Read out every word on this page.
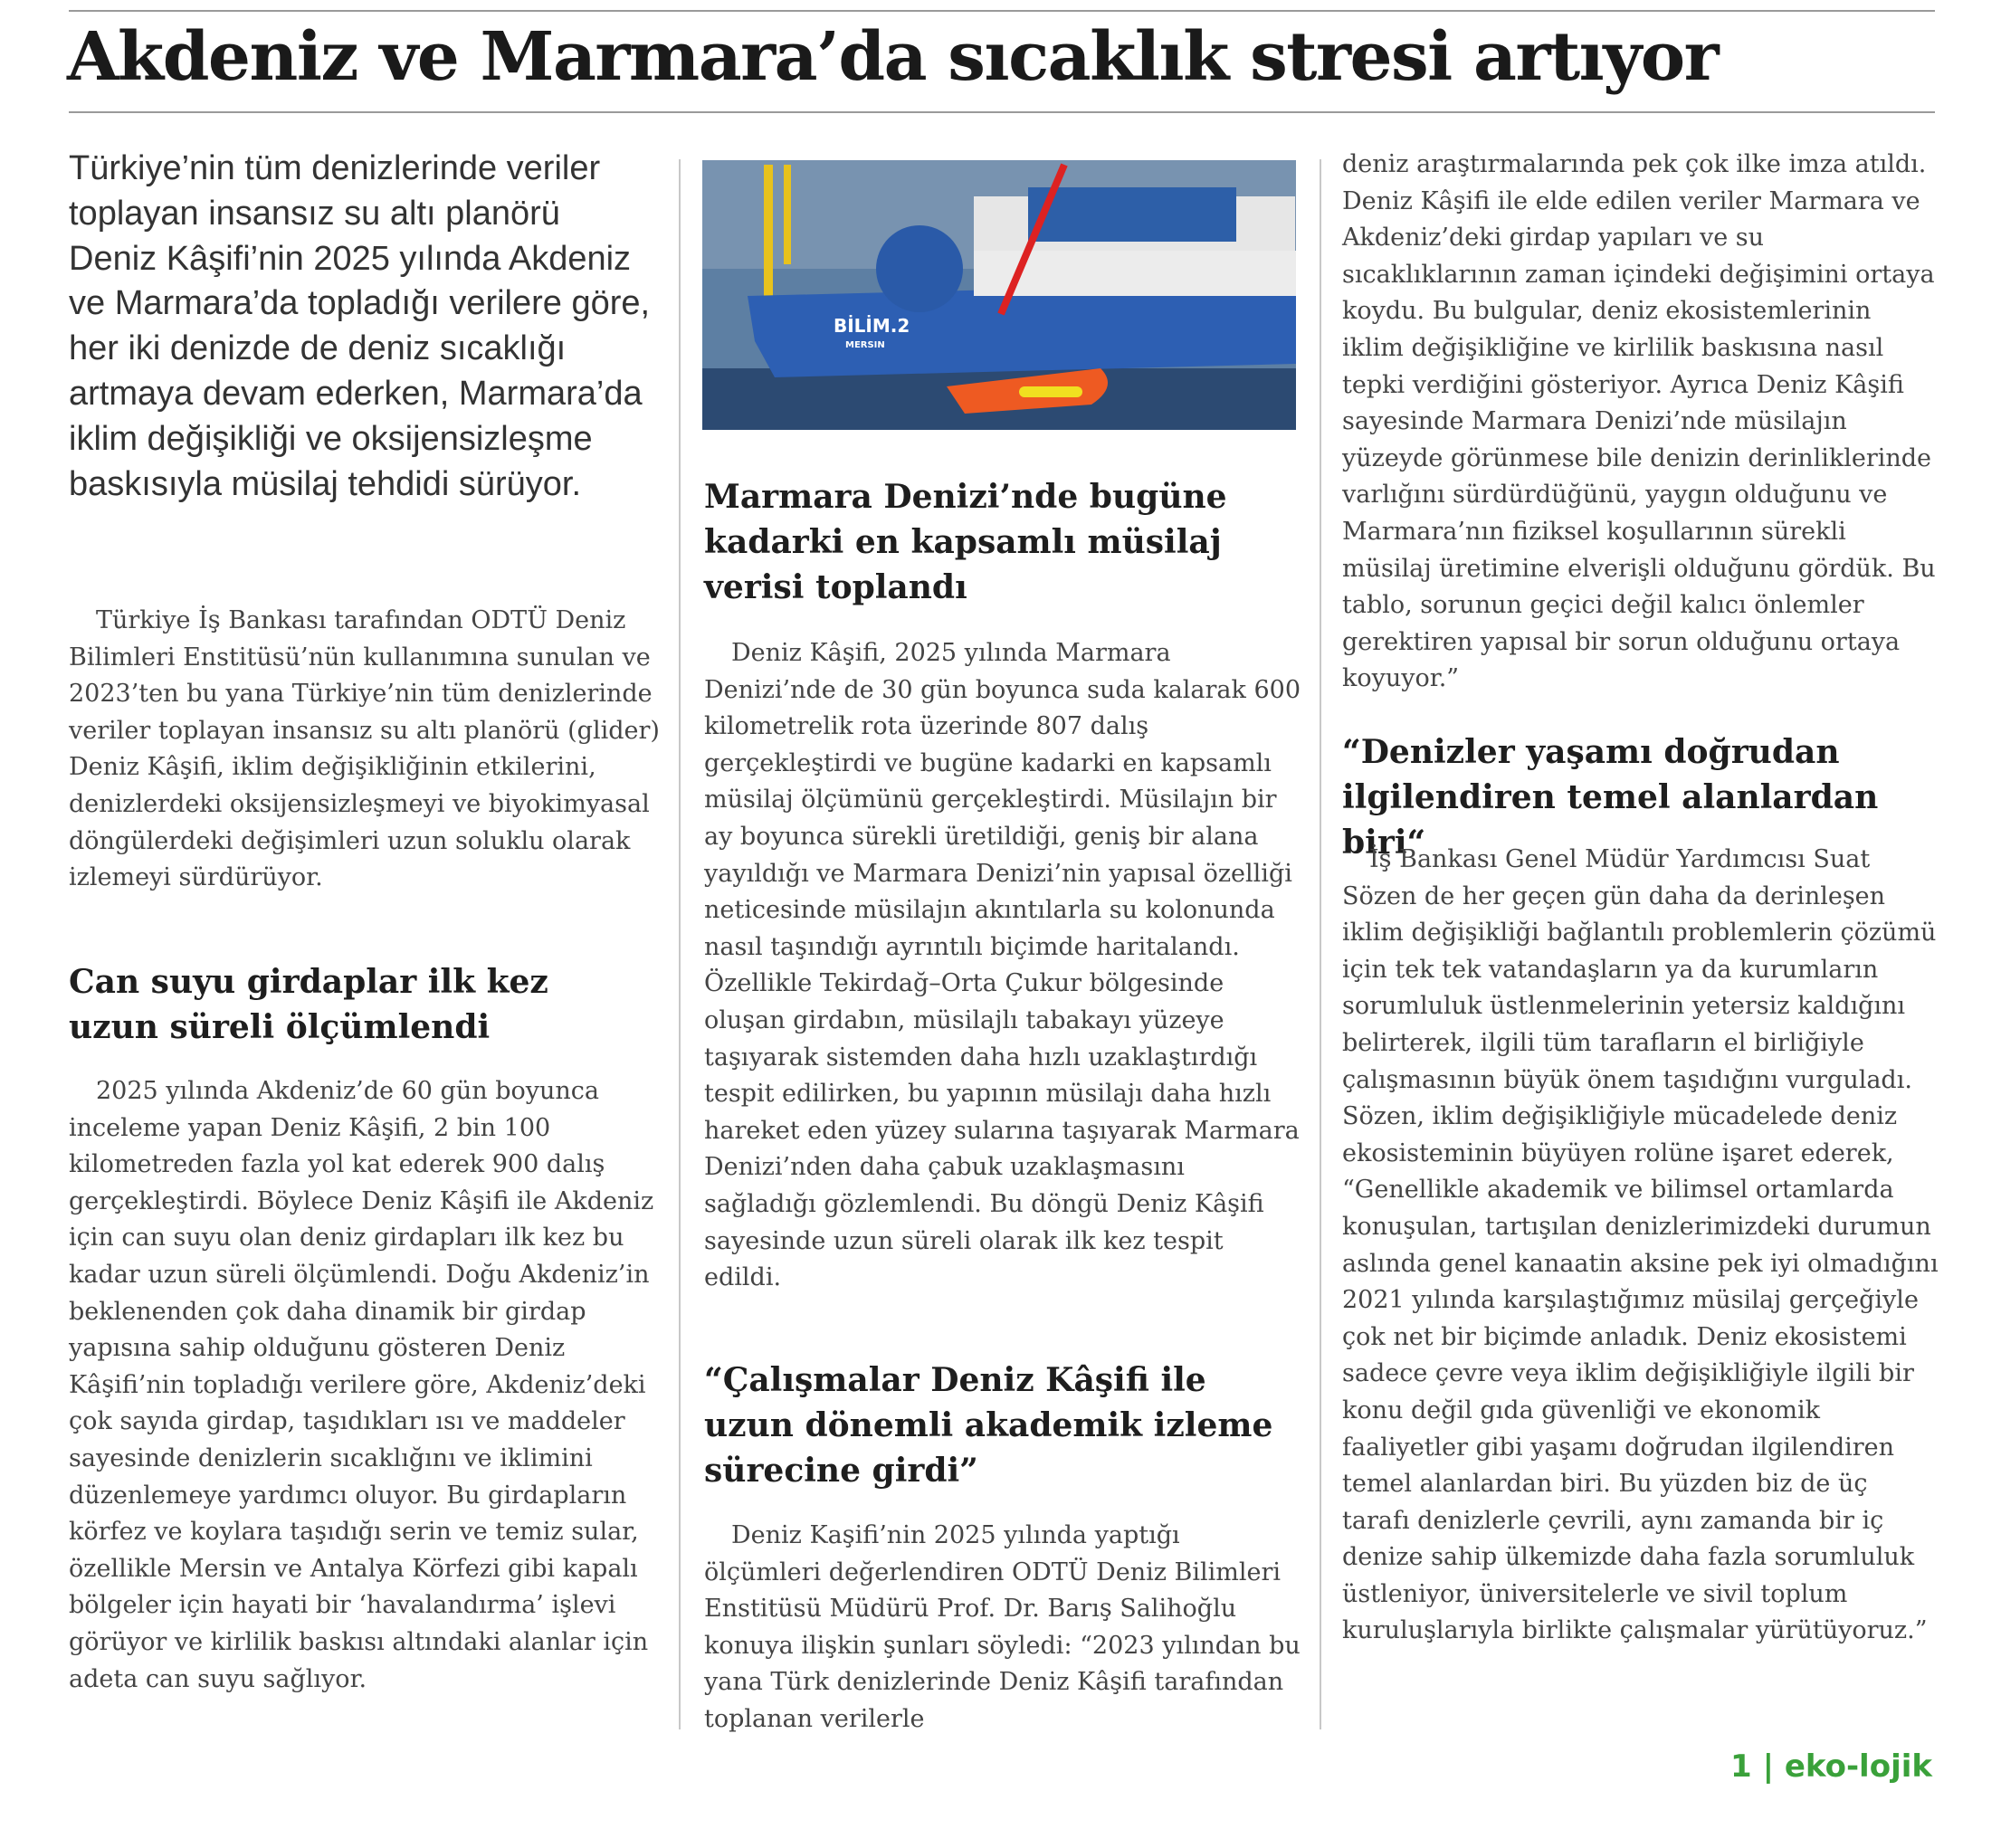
Akdeniz ve Marmara’da sıcaklık stresi artıyor

Türkiye’nin tüm denizlerinde veriler toplayan insansız su altı planörü Deniz Kâşifi’nin 2025 yılında Akdeniz ve Marmara’da topladığı verilere göre, her iki denizde de deniz sıcaklığı artmaya devam ederken, Marmara’da iklim değişikliği ve oksijensizleşme baskısıyla müsilaj tehdidi sürüyor.

Türkiye İş Bankası tarafından ODTÜ Deniz Bilimleri Enstitüsü’nün kullanımına sunulan ve 2023’ten bu yana Türkiye’nin tüm denizlerinde veriler toplayan insansız su altı planörü (glider) Deniz Kâşifi, iklim değişikliğinin etkilerini, denizlerdeki oksijensizleşmeyi ve biyokimyasal döngülerdeki değişimleri uzun soluklu olarak izlemeyi sürdürüyor.

Can suyu girdaplar ilk kez uzun süreli ölçümlendi

2025 yılında Akdeniz’de 60 gün boyunca inceleme yapan Deniz Kâşifi, 2 bin 100 kilometreden fazla yol kat ederek 900 dalış gerçekleştirdi. Böylece Deniz Kâşifi ile Akdeniz için can suyu olan deniz girdapları ilk kez bu kadar uzun süreli ölçümlendi. Doğu Akdeniz’in beklenenden çok daha dinamik bir girdap yapısına sahip olduğunu gösteren Deniz Kâşifi’nin topladığı verilere göre, Akdeniz’deki çok sayıda girdap, taşıdıkları ısı ve maddeler sayesinde denizlerin sıcaklığını ve iklimini düzenlemeye yardımcı oluyor. Bu girdapların körfez ve koylara taşıdığı serin ve temiz sular, özellikle Mersin ve Antalya Körfezi gibi kapalı bölgeler için hayati bir ‘havalandırma’ işlevi görüyor ve kirlilik baskısı altındaki alanlar için adeta can suyu sağlıyor.

BİLİM.2
MERSIN
Marmara Denizi’nde bugüne kadarki en kapsamlı müsilaj verisi toplandı

Deniz Kâşifi, 2025 yılında Marmara Denizi’nde de 30 gün boyunca suda kalarak 600 kilometrelik rota üzerinde 807 dalış gerçekleştirdi ve bugüne kadarki en kapsamlı müsilaj ölçümünü gerçekleştirdi. Müsilajın bir ay boyunca sürekli üretildiği, geniş bir alana yayıldığı ve Marmara Denizi’nin yapısal özelliği neticesinde müsilajın akıntılarla su kolonunda nasıl taşındığı ayrıntılı biçimde haritalandı. Özellikle Tekirdağ–Orta Çukur bölgesinde oluşan girdabın, müsilajlı tabakayı yüzeye taşıyarak sistemden daha hızlı uzaklaştırdığı tespit edilirken, bu yapının müsilajı daha hızlı hareket eden yüzey sularına taşıyarak Marmara Denizi’nden daha çabuk uzaklaşmasını sağladığı gözlemlendi. Bu döngü Deniz Kâşifi sayesinde uzun süreli olarak ilk kez tespit edildi.

“Çalışmalar Deniz Kâşifi ile uzun dönemli akademik izleme sürecine girdi”

Deniz Kaşifi’nin 2025 yılında yaptığı ölçümleri değerlendiren ODTÜ Deniz Bilimleri Enstitüsü Müdürü Prof. Dr. Barış Salihoğlu konuya ilişkin şunları söyledi: “2023 yılından bu yana Türk denizlerinde Deniz Kâşifi tarafından toplanan verilerle

deniz araştırmalarında pek çok ilke imza atıldı. Deniz Kâşifi ile elde edilen veriler Marmara ve Akdeniz’deki girdap yapıları ve su sıcaklıklarının zaman içindeki değişimini ortaya koydu. Bu bulgular, deniz ekosistemlerinin iklim değişikliğine ve kirlilik baskısına nasıl tepki verdiğini gösteriyor. Ayrıca Deniz Kâşifi sayesinde Marmara Denizi’nde müsilajın yüzeyde görünmese bile denizin derinliklerinde varlığını sürdürdüğünü, yaygın olduğunu ve Marmara’nın fiziksel koşullarının sürekli müsilaj üretimine elverişli olduğunu gördük. Bu tablo, sorunun geçici değil kalıcı önlemler gerektiren yapısal bir sorun olduğunu ortaya koyuyor.”

“Denizler yaşamı doğrudan ilgilendiren temel alanlardan biri“

İş Bankası Genel Müdür Yardımcısı Suat Sözen de her geçen gün daha da derinleşen iklim değişikliği bağlantılı problemlerin çözümü için tek tek vatandaşların ya da kurumların sorumluluk üstlenmelerinin yetersiz kaldığını belirterek, ilgili tüm tarafların el birliğiyle çalışmasının büyük önem taşıdığını vurguladı. Sözen, iklim değişikliğiyle mücadelede deniz ekosisteminin büyüyen rolüne işaret ederek, “Genellikle akademik ve bilimsel ortamlarda konuşulan, tartışılan denizlerimizdeki durumun aslında genel kanaatin aksine pek iyi olmadığını 2021 yılında karşılaştığımız müsilaj gerçeğiyle çok net bir biçimde anladık. Deniz ekosistemi sadece çevre veya iklim değişikliğiyle ilgili bir konu değil gıda güvenliği ve ekonomik faaliyetler gibi yaşamı doğrudan ilgilendiren temel alanlardan biri. Bu yüzden biz de üç tarafı denizlerle çevrili, aynı zamanda bir iç denize sahip ülkemizde daha fazla sorumluluk üstleniyor, üniversitelerle ve sivil toplum kuruluşlarıyla birlikte çalışmalar yürütüyoruz.”

1 | eko-lojik
